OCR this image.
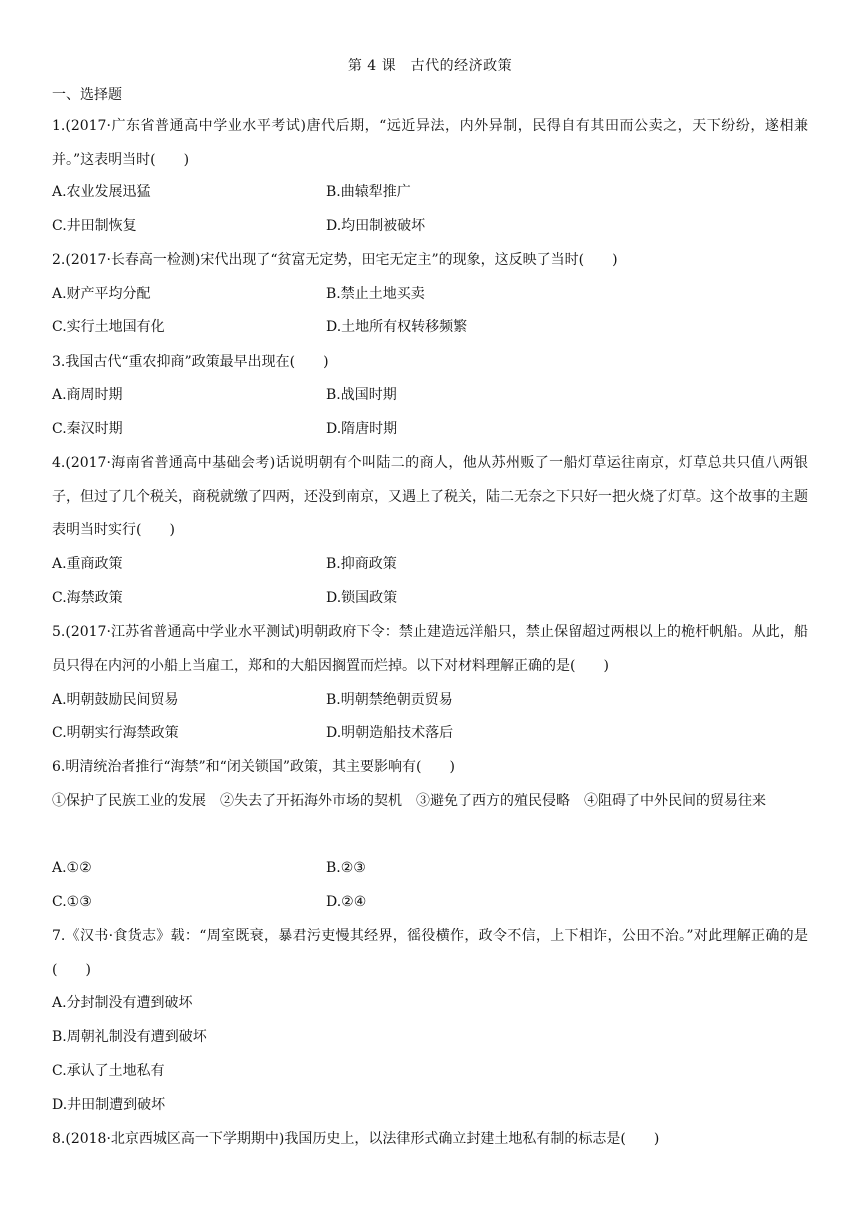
第 4 课　古代的经济政策
一、选择题
1.(2017·广东省普通高中学业水平考试)唐代后期，“远近异法，内外异制，民得自有其田而公卖之，天下纷纷，遂相兼并。”这表明当时(　　)
A.农业发展迅猛	B.曲辕犁推广
C.井田制恢复	D.均田制被破坏
2.(2017·长春高一检测)宋代出现了“贫富无定势，田宅无定主”的现象，这反映了当时(　　)
A.财产平均分配	B.禁止土地买卖
C.实行土地国有化	D.土地所有权转移频繁
3.我国古代“重农抑商”政策最早出现在(　　)
A.商周时期	B.战国时期
C.秦汉时期	D.隋唐时期
4.(2017·海南省普通高中基础会考)话说明朝有个叫陆二的商人，他从苏州贩了一船灯草运往南京，灯草总共只值八两银子，但过了几个税关，商税就缴了四两，还没到南京，又遇上了税关，陆二无奈之下只好一把火烧了灯草。这个故事的主题表明当时实行(　　)
A.重商政策	B.抑商政策
C.海禁政策	D.锁国政策
5.(2017·江苏省普通高中学业水平测试)明朝政府下令：禁止建造远洋船只，禁止保留超过两根以上的桅杆帆船。从此，船员只得在内河的小船上当雇工，郑和的大船因搁置而烂掉。以下对材料理解正确的是(　　)
A.明朝鼓励民间贸易	B.明朝禁绝朝贡贸易
C.明朝实行海禁政策	D.明朝造船技术落后
6.明清统治者推行“海禁”和“闭关锁国”政策，其主要影响有(　　)
①保护了民族工业的发展　②失去了开拓海外市场的契机　③避免了西方的殖民侵略　④阻碍了中外民间的贸易往来
A.①②	B.②③
C.①③	D.②④
7.《汉书·食货志》载：“周室既衰，暴君污吏慢其经界，徭役横作，政令不信，上下相诈，公田不治。”对此理解正确的是(　　)
A.分封制没有遭到破坏
B.周朝礼制没有遭到破坏
C.承认了土地私有
D.井田制遭到破坏
8.(2018·北京西城区高一下学期期中)我国历史上，以法律形式确立封建土地私有制的标志是(　　)
